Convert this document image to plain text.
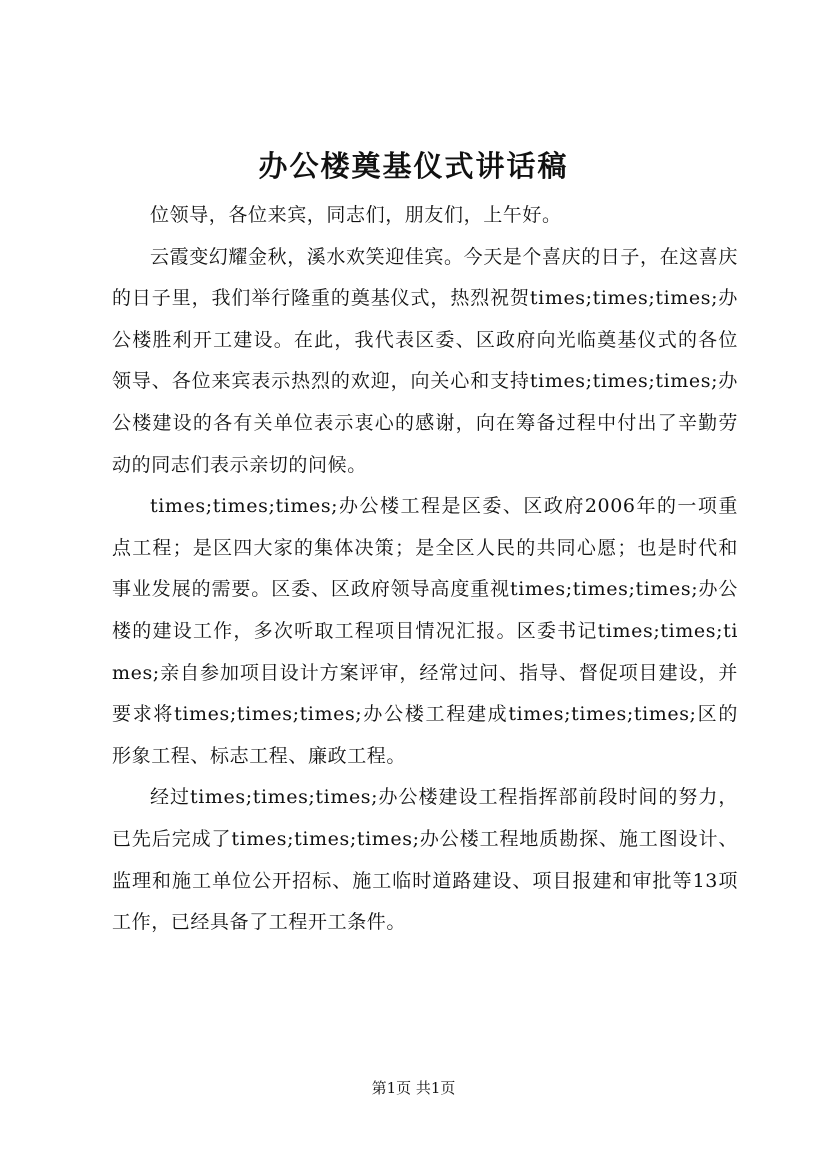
办公楼奠基仪式讲话稿

位领导，各位来宾，同志们，朋友们，上午好。

云霞变幻耀金秋，溪水欢笑迎佳宾。今天是个喜庆的日子，在这喜庆的日子里，我们举行隆重的奠基仪式，热烈祝贺times;times;times;办公楼胜利开工建设。在此，我代表区委、区政府向光临奠基仪式的各位领导、各位来宾表示热烈的欢迎，向关心和支持times;times;times;办公楼建设的各有关单位表示衷心的感谢，向在筹备过程中付出了辛勤劳动的同志们表示亲切的问候。

times;times;times;办公楼工程是区委、区政府2006年的一项重点工程；是区四大家的集体决策；是全区人民的共同心愿；也是时代和事业发展的需要。区委、区政府领导高度重视times;times;times;办公楼的建设工作，多次听取工程项目情况汇报。区委书记times;times;times;亲自参加项目设计方案评审，经常过问、指导、督促项目建设，并要求将times;times;times;办公楼工程建成times;times;times;区的形象工程、标志工程、廉政工程。

经过times;times;times;办公楼建设工程指挥部前段时间的努力，已先后完成了times;times;times;办公楼工程地质勘探、施工图设计、监理和施工单位公开招标、施工临时道路建设、项目报建和审批等13项工作，已经具备了工程开工条件。

第1页 共1页
